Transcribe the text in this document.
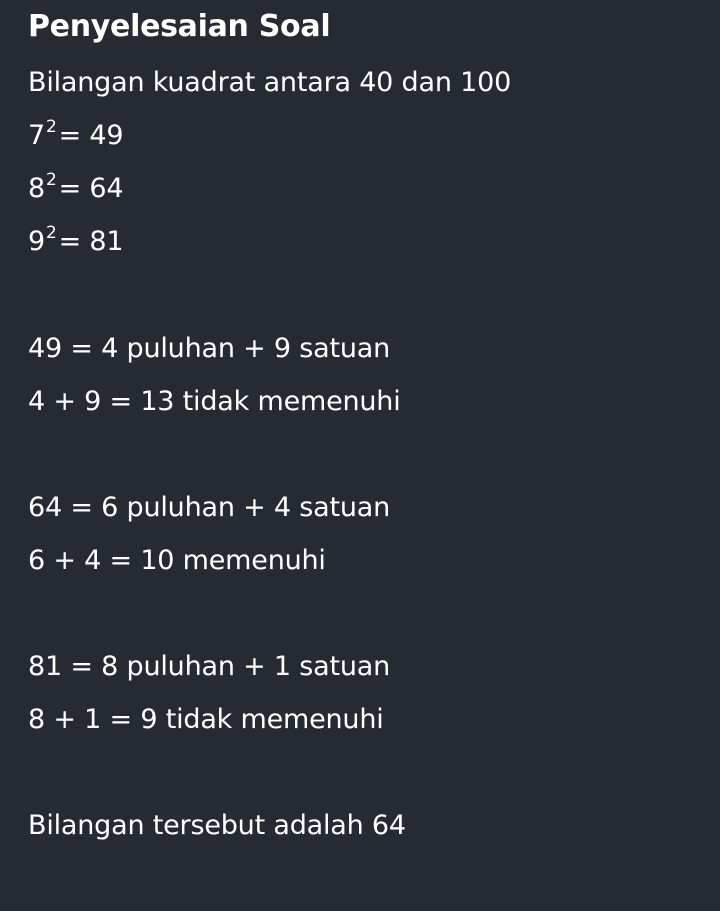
Penyelesaian Soal
Bilangan kuadrat antara 40 dan 100
$7^2= 49$
$8^2= 64$
$9^2= 81$
49 = 4 puluhan + 9 satuan
4 + 9 = 13 tidak memenuhi
64 = 6 puluhan + 4 satuan
6 + 4 = 10 memenuhi
81 = 8 puluhan + 1 satuan
8 + 1 = 9 tidak memenuhi
Bilangan tersebut adalah 64
